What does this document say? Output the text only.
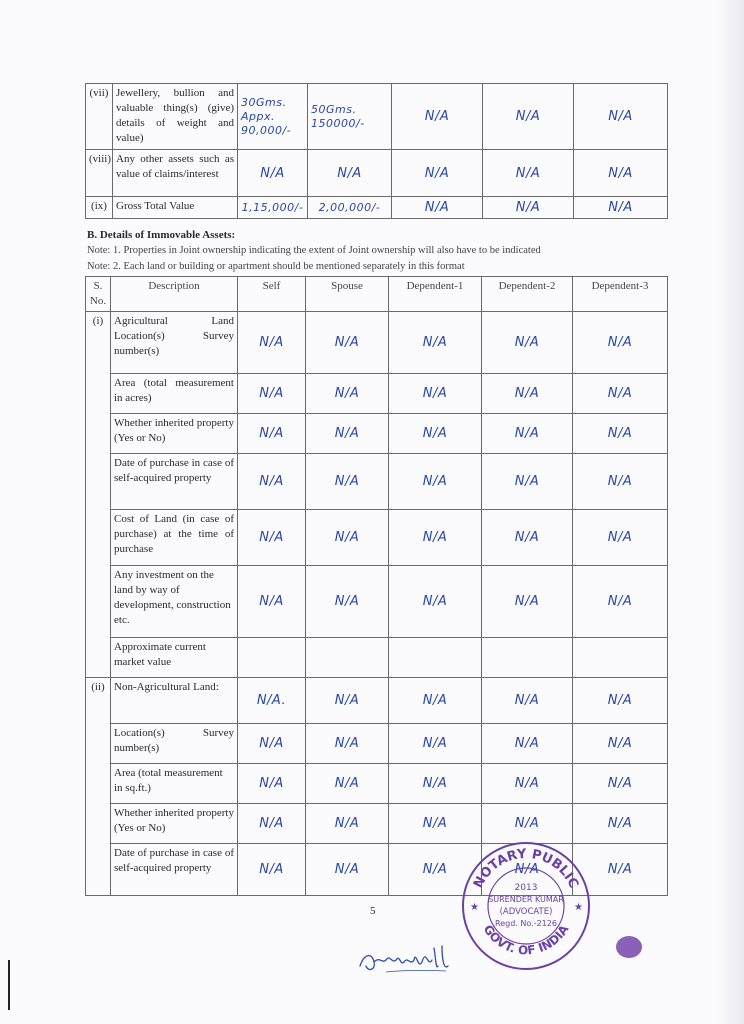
(vii)	Jewellery, bullion and valuable thing(s) (give) details of weight and value)	30Gms. Appx. 90,000/-	50Gms. 150000/-	N/A	N/A	N/A
(viii)	Any other assets such as value of claims/interest	N/A	N/A	N/A	N/A	N/A
(ix)	Gross Total Value	1,15,000/-	2,00,000/-	N/A	N/A	N/A
B. Details of Immovable Assets:
Note: 1. Properties in Joint ownership indicating the extent of Joint ownership will also have to be indicated
Note: 2. Each land or building or apartment should be mentioned separately in this format
S. No.	Description	Self	Spouse	Dependent-1	Dependent-2	Dependent-3
(i)	Agricultural Land Location(s) Survey number(s)	N/A	N/A	N/A	N/A	N/A
	Area (total measurement in acres)	N/A	N/A	N/A	N/A	N/A
	Whether inherited property (Yes or No)	N/A	N/A	N/A	N/A	N/A
	Date of purchase in case of self-acquired property	N/A	N/A	N/A	N/A	N/A
	Cost of Land (in case of purchase) at the time of purchase	N/A	N/A	N/A	N/A	N/A
	Any investment on the land by way of development, construction etc.	N/A	N/A	N/A	N/A	N/A
	Approximate current market value					
(ii)	Non-Agricultural Land:	N/A.	N/A	N/A	N/A	N/A
	Location(s) Survey number(s)	N/A	N/A	N/A	N/A	N/A
	Area (total measurement in sq.ft.)	N/A	N/A	N/A	N/A	N/A
	Whether inherited property (Yes or No)	N/A	N/A	N/A	N/A	N/A
	Date of purchase in case of self-acquired property	N/A	N/A	N/A	N/A	N/A
5
NOTARY PUBLIC
GOVT. OF INDIA
2013
SURENDER KUMAR
(ADVOCATE)
Regd. No.-2126
★	★
